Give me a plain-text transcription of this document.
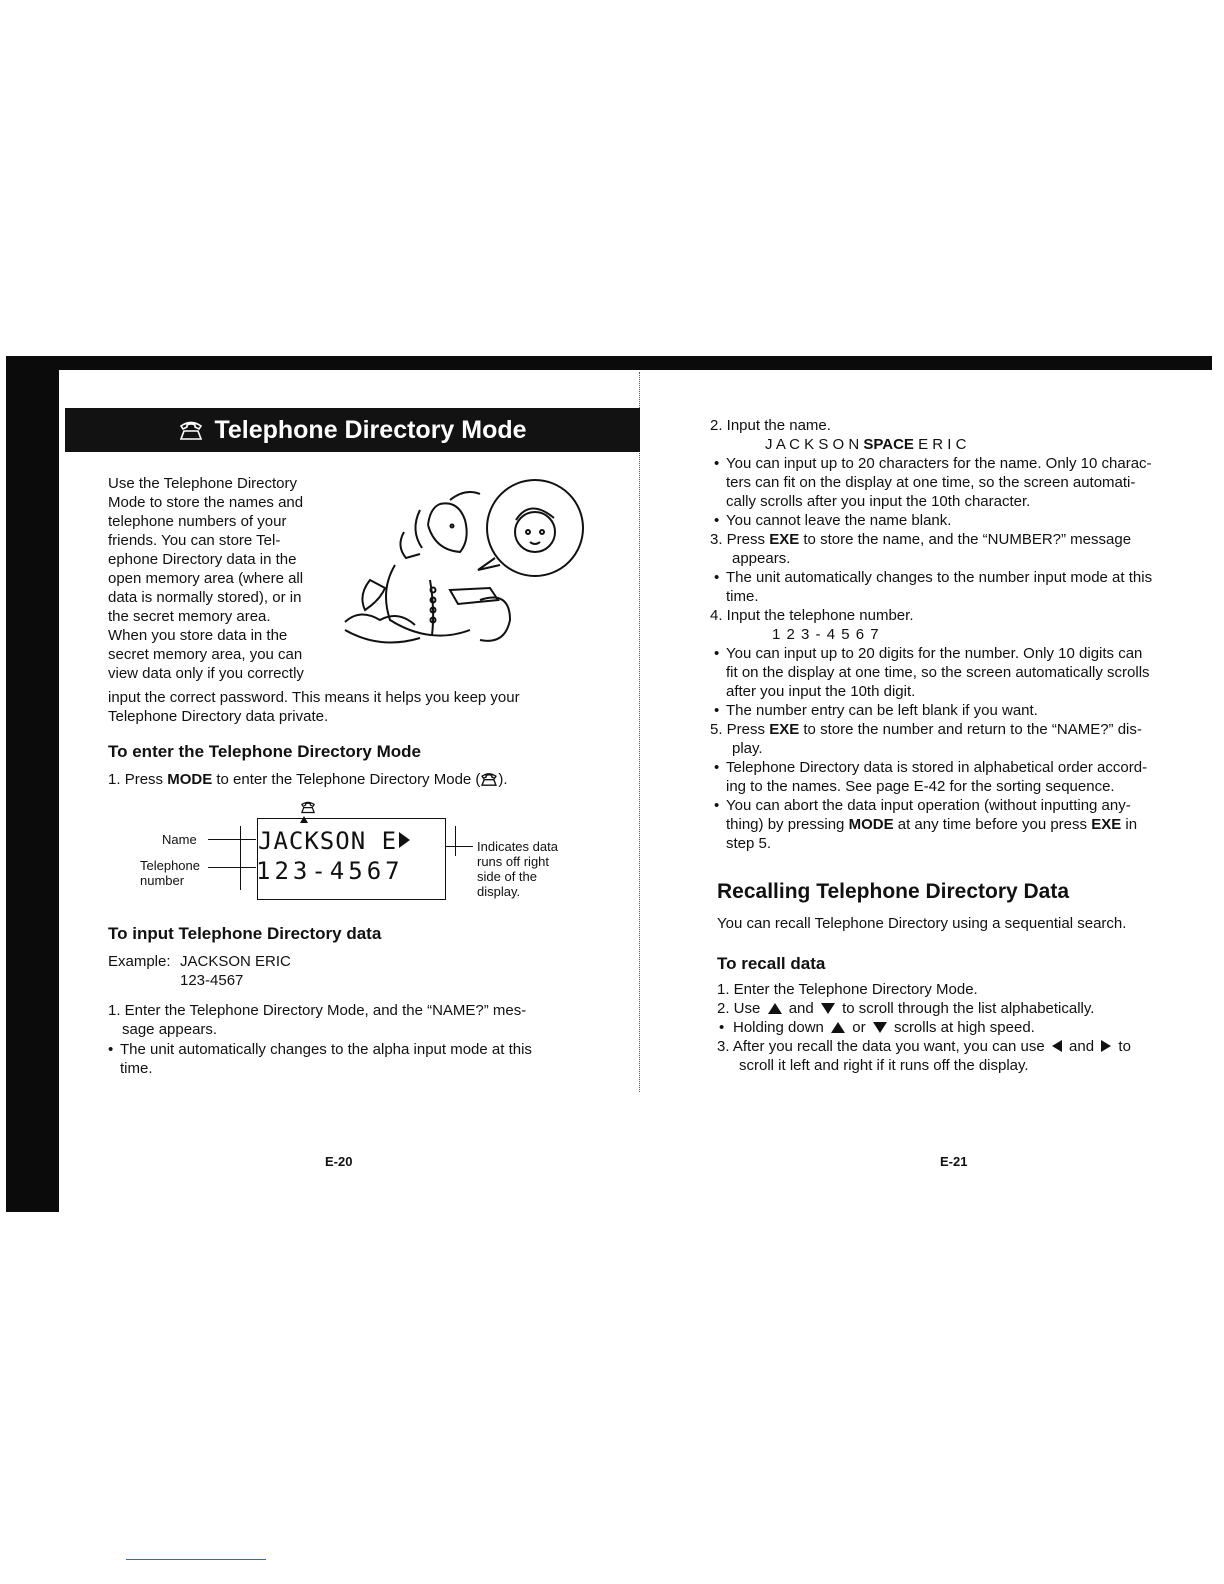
Telephone Directory Mode

Use the Telephone Directory

Mode to store the names and

telephone numbers of your

friends. You can store Tel-

ephone Directory data in the

open memory area (where all

data is normally stored), or in

the secret memory area.

When you store data in the

secret memory area, you can

view data only if you correctly

input the correct password. This means it helps you keep your

Telephone Directory data private.

To enter the Telephone Directory Mode
1. Press MODE to enter the Telephone Directory Mode ( ).
JACKSON E
123-4567
Name
Telephone
number
Indicates data
runs off right
side of the
display.
To input Telephone Directory data
Example: JACKSON ERIC
123-4567

1. Enter the Telephone Directory Mode, and the “NAME?” mes-

sage appears.

• The unit automatically changes to the alpha input mode at this

time.

E-20

2. Input the name.

J A C K S O N SPACE E R I C

• You can input up to 20 characters for the name. Only 10 charac-

ters can fit on the display at one time, so the screen automati-

cally scrolls after you input the 10th character.

• You cannot leave the name blank.

3. Press EXE to store the name, and the “NUMBER?” message

appears.

• The unit automatically changes to the number input mode at this

time.

4. Input the telephone number.

1 2 3 - 4 5 6 7

• You can input up to 20 digits for the number. Only 10 digits can

fit on the display at one time, so the screen automatically scrolls

after you input the 10th digit.

• The number entry can be left blank if you want.

5. Press EXE to store the number and return to the “NAME?” dis-

play.

• Telephone Directory data is stored in alphabetical order accord-

ing to the names. See page E-42 for the sorting sequence.

• You can abort the data input operation (without inputting any-

thing) by pressing MODE at any time before you press EXE in

step 5.

Recalling Telephone Directory Data

You can recall Telephone Directory using a sequential search.

To recall data

1. Enter the Telephone Directory Mode.

2. Use and to scroll through the list alphabetically.

• Holding down or scrolls at high speed.

3. After you recall the data you want, you can use and to

scroll it left and right if it runs off the display.

E-21
